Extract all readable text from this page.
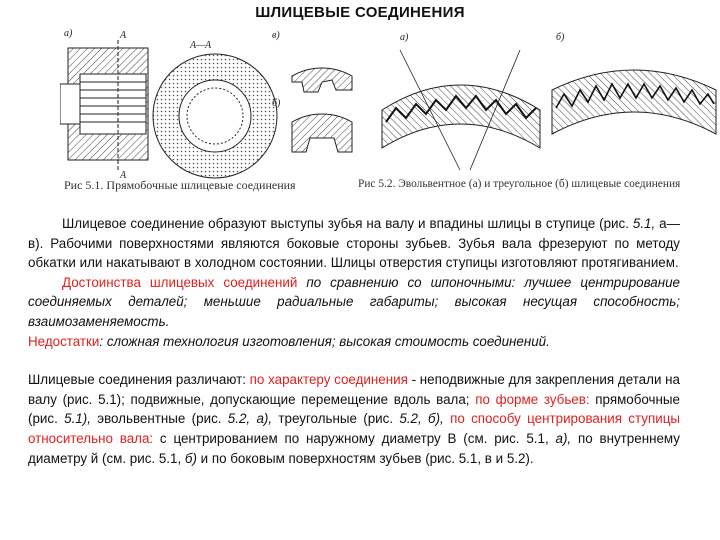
ШЛИЦЕВЫЕ СОЕДИНЕНИЯ
а)	А
А
А—А
в)
б)
Рис 5.1. Прямобочные шлицевые соединения
а)	б)
Рис 5.2. Эвольвентное (а) и треугольное (б) шлицевые соединения

Шлицевое соединение образуют выступы зубья на валу и впадины шлицы в ступице (рис. 5.1, а—в). Рабочими поверхностями являются боковые стороны зубьев. Зубья вала фрезеруют по методу обкатки или накатывают в холодном состоянии. Шлицы отверстия ступицы изготовляют протягиванием.

Достоинства шлицевых соединений по сравнению со шпоночными: лучшее центрирование соединяемых деталей; меньшие радиальные габариты; высокая несущая способность; взаимозаменяемость.

Недостатки: сложная технология изготовления; высокая стоимость соединений.

Шлицевые соединения различают: по характеру соединения - неподвижные для закрепления детали на валу (рис. 5.1); подвижные, допускающие перемещение вдоль вала; по форме зубьев: прямобочные (рис. 5.1), эвольвентные (рис. 5.2, а), треугольные (рис. 5.2, б), по способу центрирования ступицы относительно вала: с центрированием по наружному диаметру В (см. рис. 5.1, а), по внутреннему диаметру й (см. рис. 5.1, б) и по боковым поверхностям зубьев (рис. 5.1, в и 5.2).
